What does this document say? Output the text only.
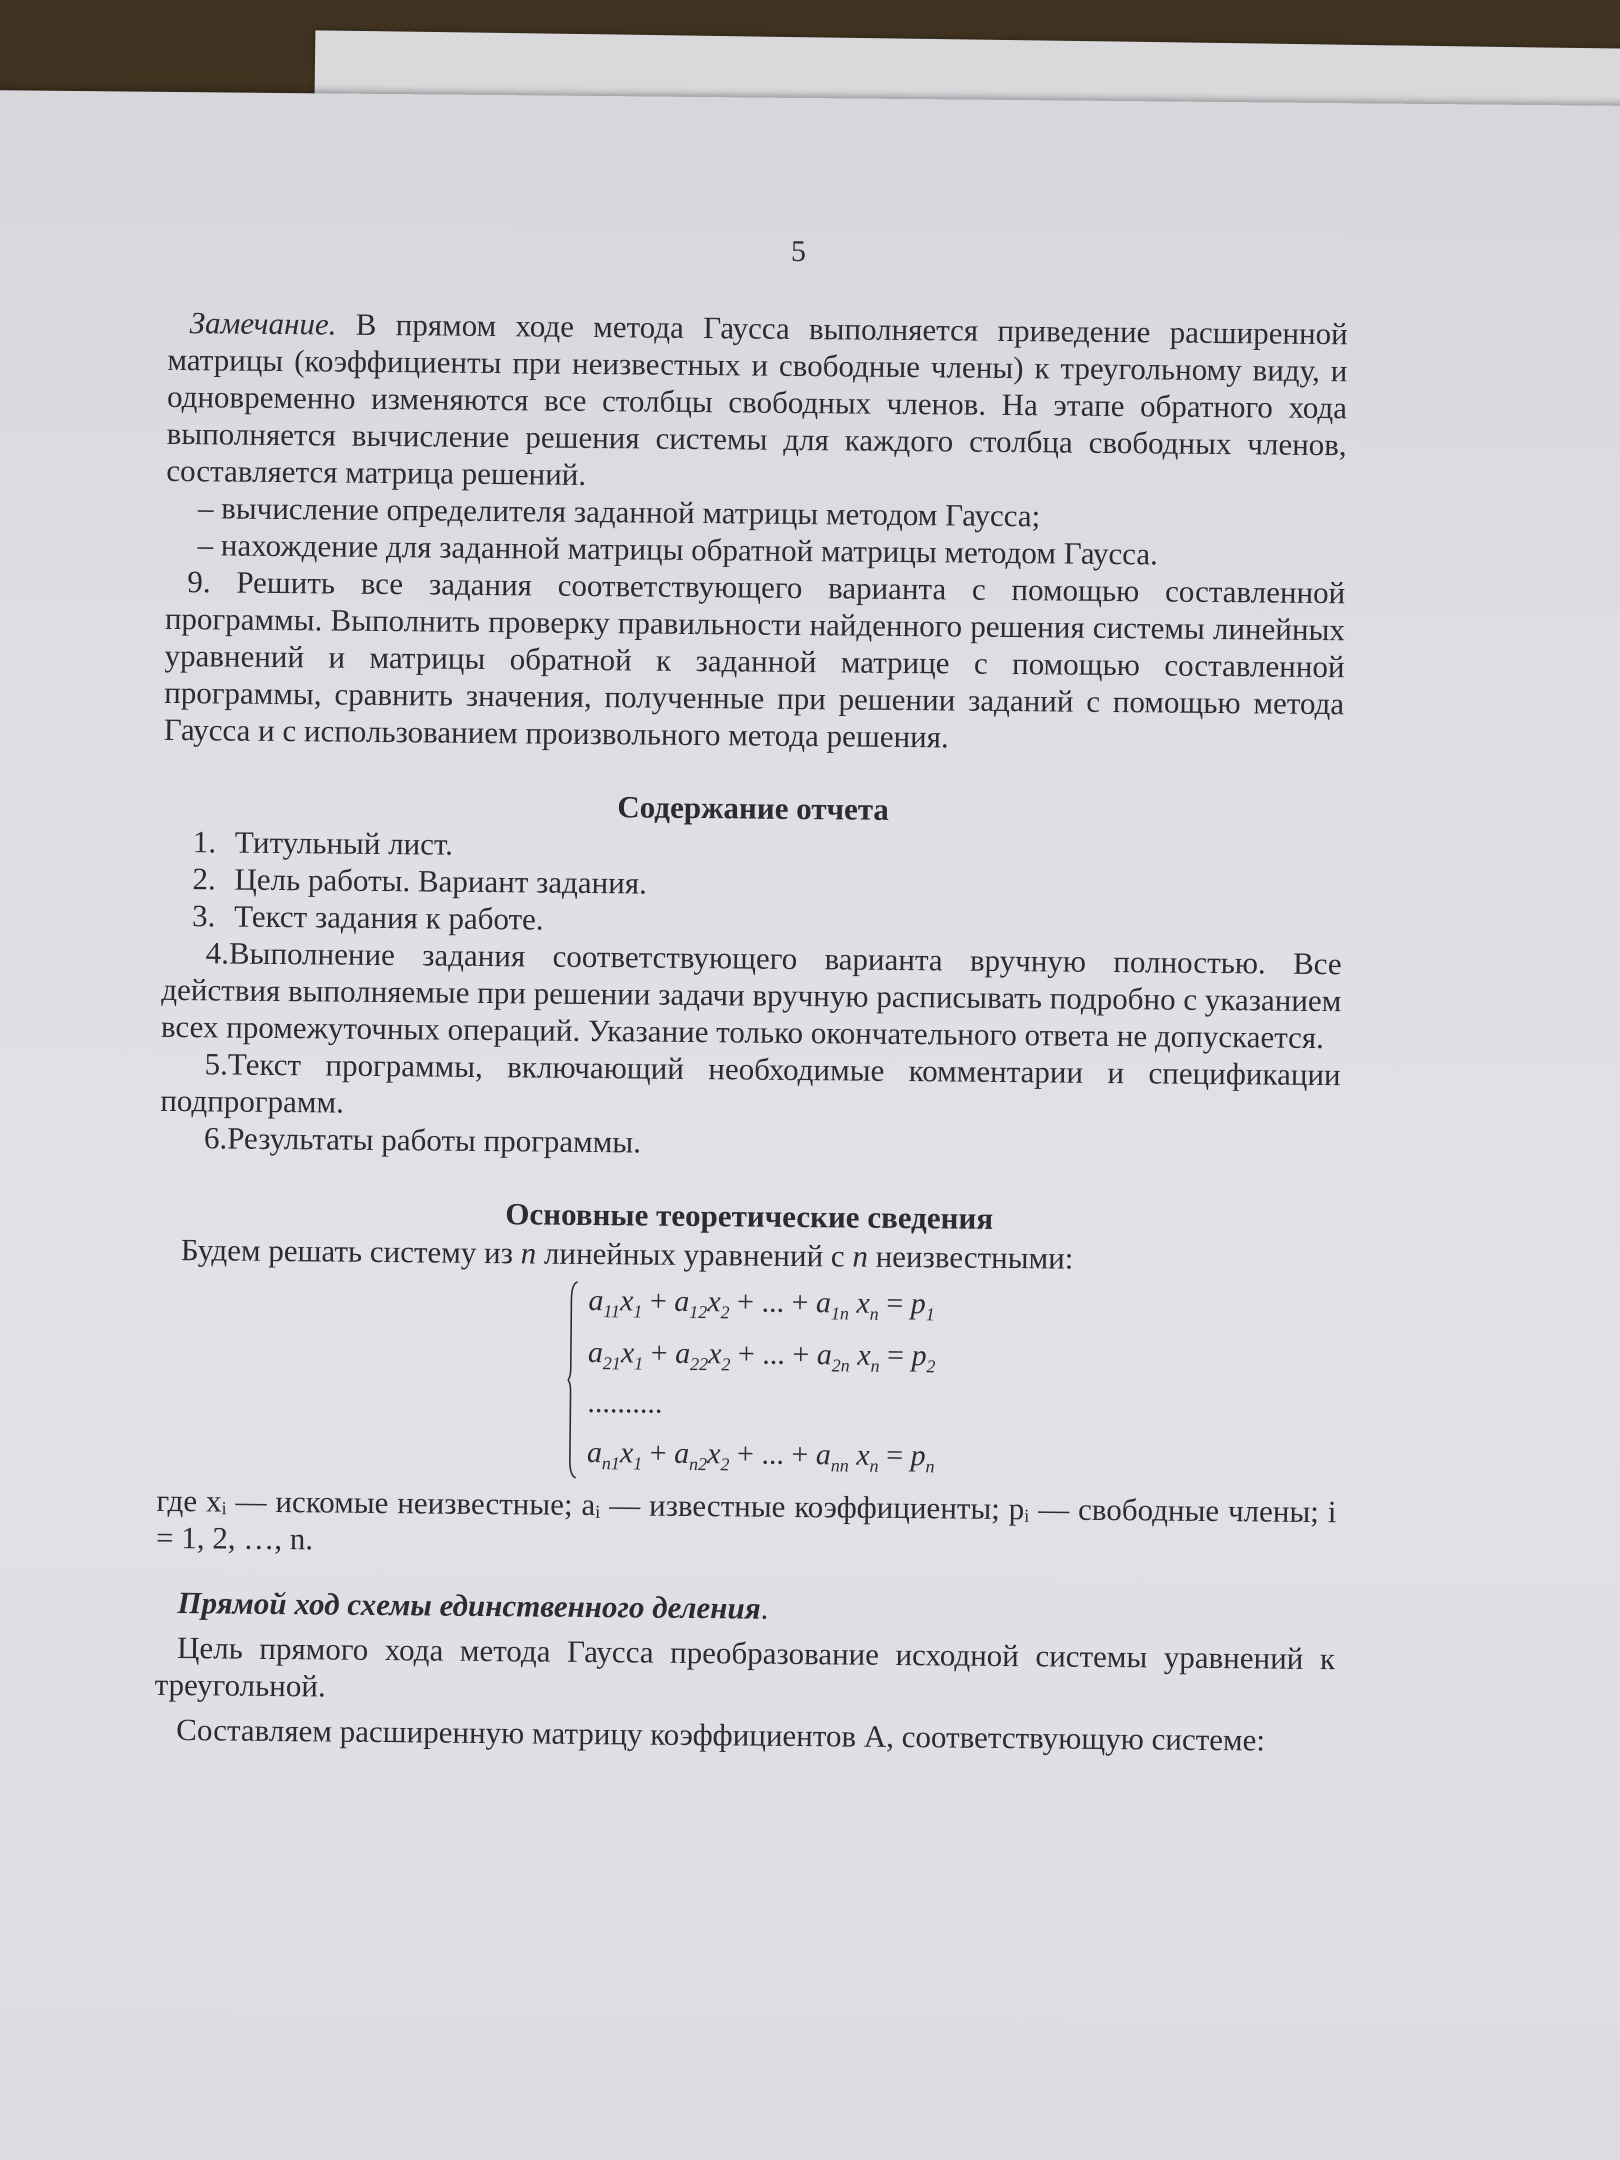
5

Замечание. В прямом ходе метода Гаусса выполняется приведение расширенной матрицы (коэффициенты при неизвестных и свободные члены) к треугольному виду, и одновременно изменяются все столбцы свободных членов. На этапе обратного хода выполняется вычисление решения системы для каждого столбца свободных членов, составляется матрица решений.

– вычисление определителя заданной матрицы методом Гаусса;

– нахождение для заданной матрицы обратной матрицы методом Гаусса.

9. Решить все задания соответствующего варианта с помощью составленной программы. Выполнить проверку правильности найденного решения системы линейных уравнений и матрицы обратной к заданной матрице с помощью составленной программы, сравнить значения, полученные при решении заданий с помощью метода Гаусса и с использованием произвольного метода решения.

Содержание отчета

1. Титульный лист.

2. Цель работы. Вариант задания.

3. Текст задания к работе.

4.Выполнение задания соответствующего варианта вручную полностью. Все действия выполняемые при решении задачи вручную расписывать подробно с указанием всех промежуточных операций. Указание только окончательного ответа не допускается.

5.Текст программы, включающий необходимые комментарии и спецификации подпрограмм.

6.Результаты работы программы.

Основные теоретические сведения

Будем решать систему из n линейных уравнений с n неизвестными:

$a_{11}x_1 + a_{12}x_2$ + ... + $a_{1n}$ $x_n = p_1$
$a_{21}x_1 + a_{22}x_2$ + ... + $a_{2n}$ $x_n = p_2$
..........
$a_{n1}x_1 + a_{n2}x_2$ + ... + $a_{nn}$ $x_n = p_n$

где xᵢ — искомые неизвестные; aᵢ — известные коэффициенты; pᵢ — свободные члены; i = 1, 2, …, n.

Прямой ход схемы единственного деления.

Цель прямого хода метода Гаусса преобразование исходной системы уравнений к треугольной.

Составляем расширенную матрицу коэффициентов A, соответствующую системе:
